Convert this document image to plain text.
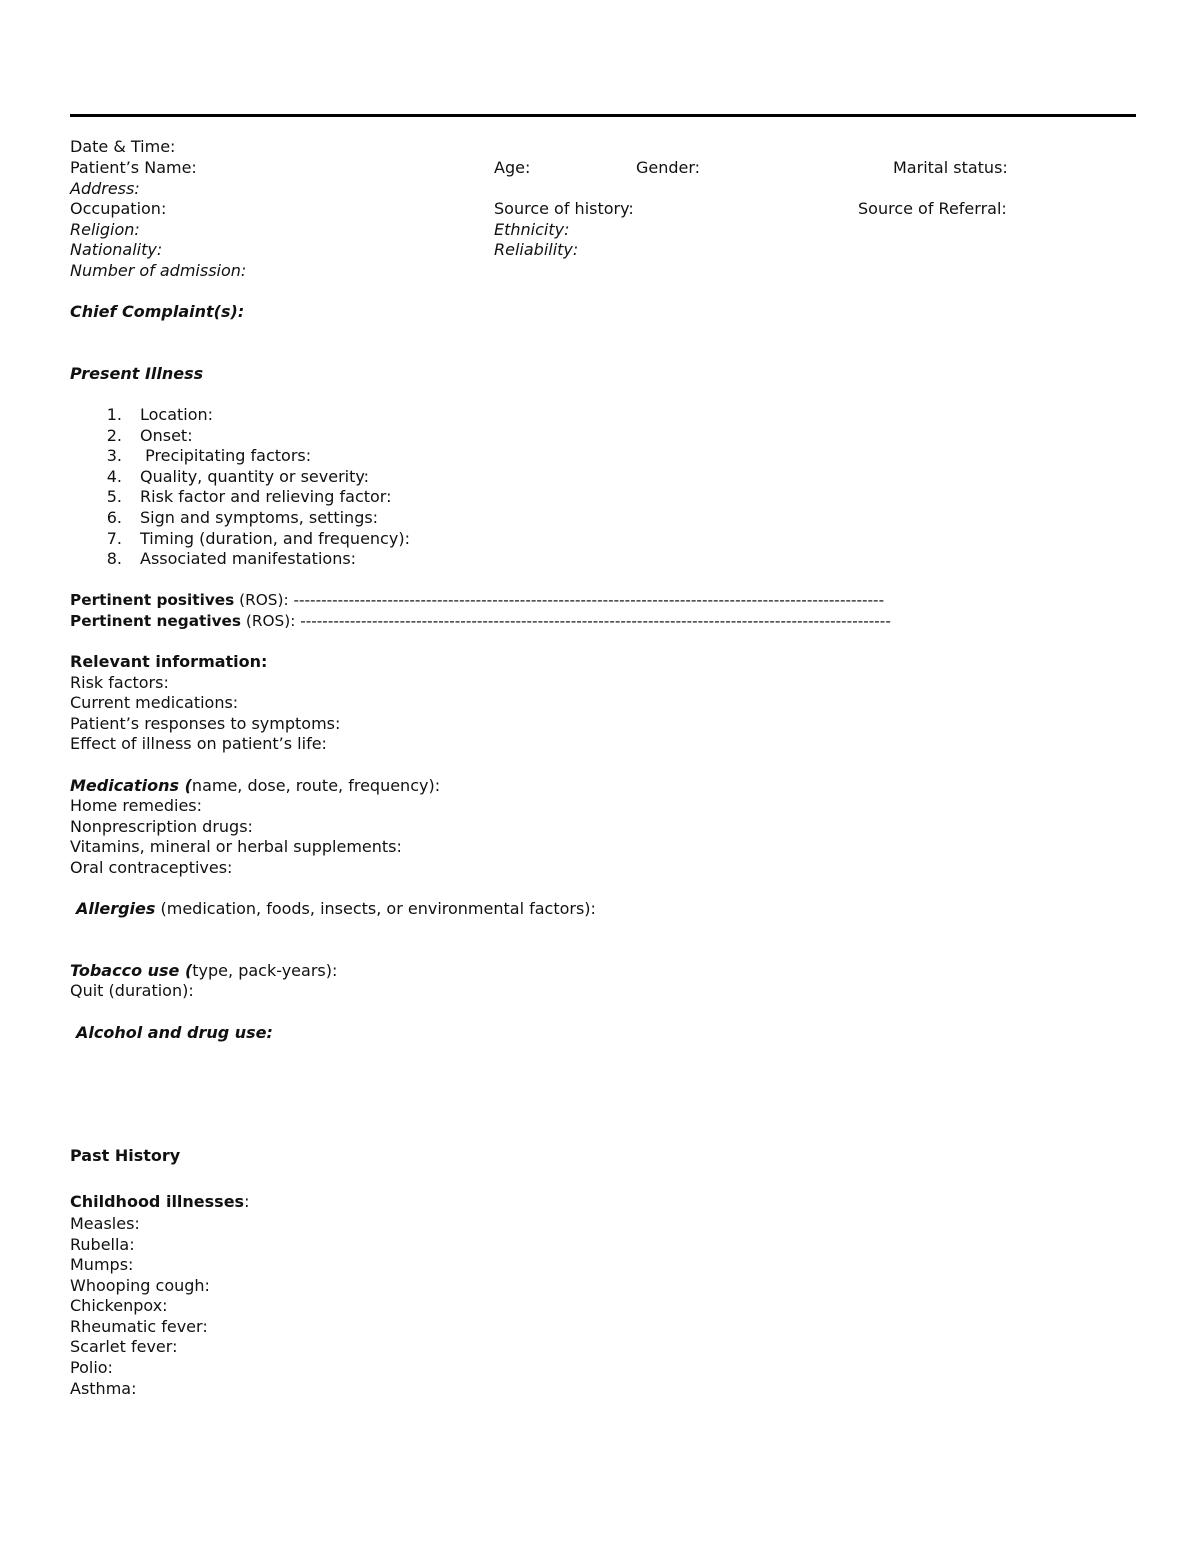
Date & Time:
Patient’s Name:	Age:	Gender:	Marital status:
Address:
Occupation:	Source of history:	Source of Referral:
Religion:	Ethnicity:
Nationality:	Reliability:
Number of admission:
Chief Complaint(s):
Present Illness
1. Location:
2. Onset:
3. Precipitating factors:
4. Quality, quantity or severity:
5. Risk factor and relieving factor:
6. Sign and symptoms, settings:
7. Timing (duration, and frequency):
8. Associated manifestations:
Pertinent positives (ROS): -----------------------------------------------------------------------------------------------------------
Pertinent negatives (ROS): -----------------------------------------------------------------------------------------------------------
Relevant information:
Risk factors:
Current medications:
Patient’s responses to symptoms:
Effect of illness on patient’s life:
Medications (name, dose, route, frequency):
Home remedies:
Nonprescription drugs:
Vitamins, mineral or herbal supplements:
Oral contraceptives:
Allergies (medication, foods, insects, or environmental factors):
Tobacco use (type, pack-years):
Quit (duration):
Alcohol and drug use:
Past History
Childhood illnesses:
Measles:
Rubella:
Mumps:
Whooping cough:
Chickenpox:
Rheumatic fever:
Scarlet fever:
Polio:
Asthma:
